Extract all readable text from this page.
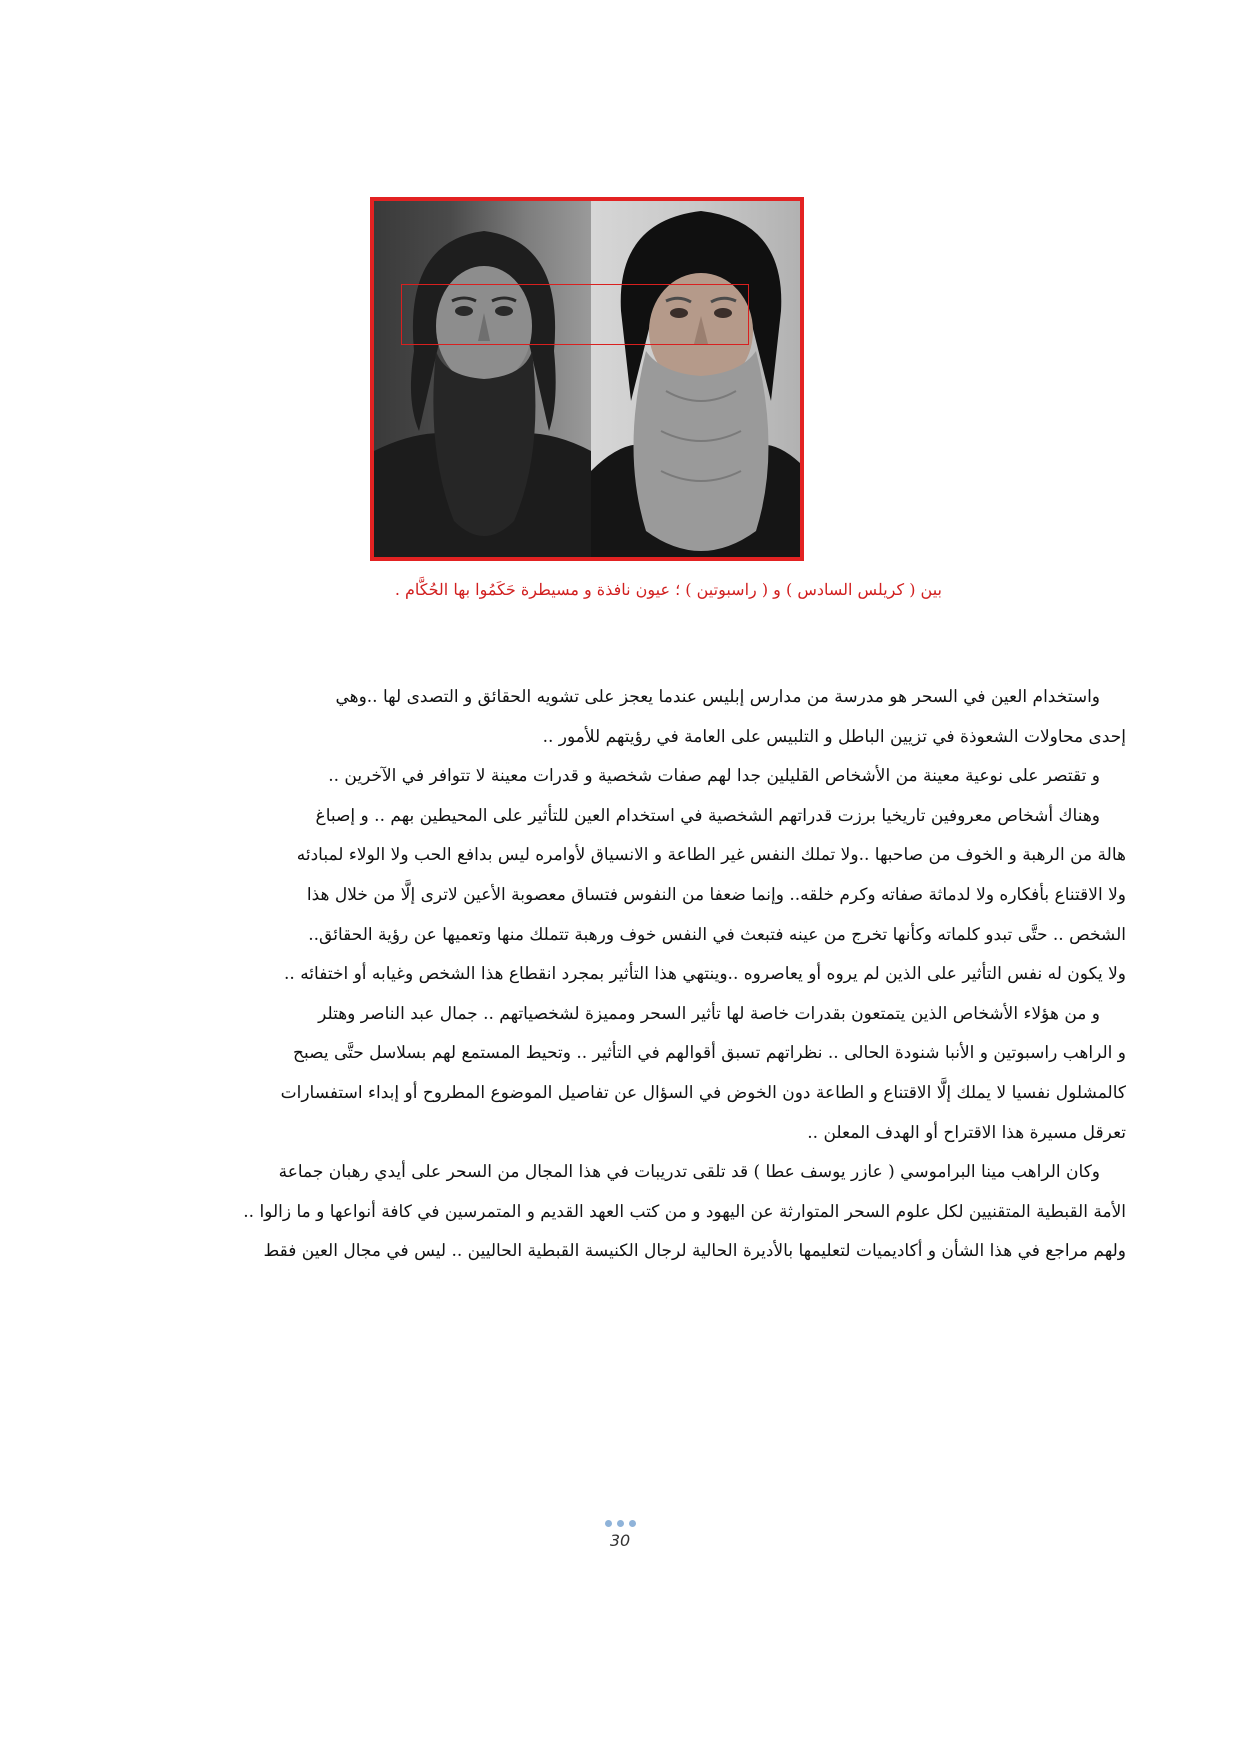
بين ( كريلس السادس ) و ( راسبوتين ) ؛ عيون نافذة و مسيطرة حَكَمُوا بها الحُكَّام .
واستخدام العين في السحر هو مدرسة من مدارس إبليس عندما يعجز على تشويه الحقائق و التصدى لها ..وهي
إحدى محاولات الشعوذة في تزيين الباطل و التلبيس على العامة في رؤيتهم للأمور ..
و تقتصر على نوعية معينة من الأشخاص القليلين جدا لهم صفات شخصية و قدرات معينة لا تتوافر في الآخرين ..
وهناك أشخاص معروفين تاريخيا برزت قدراتهم الشخصية في استخدام العين للتأثير على المحيطين بهم .. و إصباغ
هالة من الرهبة و الخوف من صاحبها ..ولا تملك النفس غير الطاعة و الانسياق لأوامره ليس بدافع الحب ولا الولاء لمبادئه
ولا الاقتناع بأفكاره ولا لدماثة صفاته وكرم خلقه.. وإنما ضعفا من النفوس فتساق معصوبة الأعين لاترى إلَّا من خلال هذا
الشخص .. حتَّى تبدو كلماته وكأنها تخرج من عينه فتبعث في النفس خوف ورهبة تتملك منها وتعميها عن رؤية الحقائق..
ولا يكون له نفس التأثير على الذين لم يروه أو يعاصروه ..وينتهي هذا التأثير بمجرد انقطاع هذا الشخص وغيابه أو اختفائه ..
و من هؤلاء الأشخاص الذين يتمتعون بقدرات خاصة لها تأثير السحر ومميزة لشخصياتهم .. جمال عبد الناصر وهتلر
و الراهب راسبوتين و الأنبا شنودة الحالى .. نظراتهم تسبق أقوالهم في التأثير .. وتحيط المستمع لهم بسلاسل حتَّى يصبح
كالمشلول نفسيا لا يملك إلَّا الاقتناع و الطاعة دون الخوض في السؤال عن تفاصيل الموضوع المطروح أو إبداء استفسارات
تعرقل مسيرة هذا الاقتراح أو الهدف المعلن ..
وكان الراهب مينا البراموسي ( عازر يوسف عطا ) قد تلقى تدريبات في هذا المجال من السحر على أيدي رهبان جماعة
الأمة القبطية المتقنيين لكل علوم السحر المتوارثة عن اليهود و من كتب العهد القديم و المتمرسين في كافة أنواعها و ما زالوا ..
ولهم مراجع في هذا الشأن و أكاديميات لتعليمها بالأديرة الحالية لرجال الكنيسة القبطية الحاليين .. ليس في مجال العين فقط
30
